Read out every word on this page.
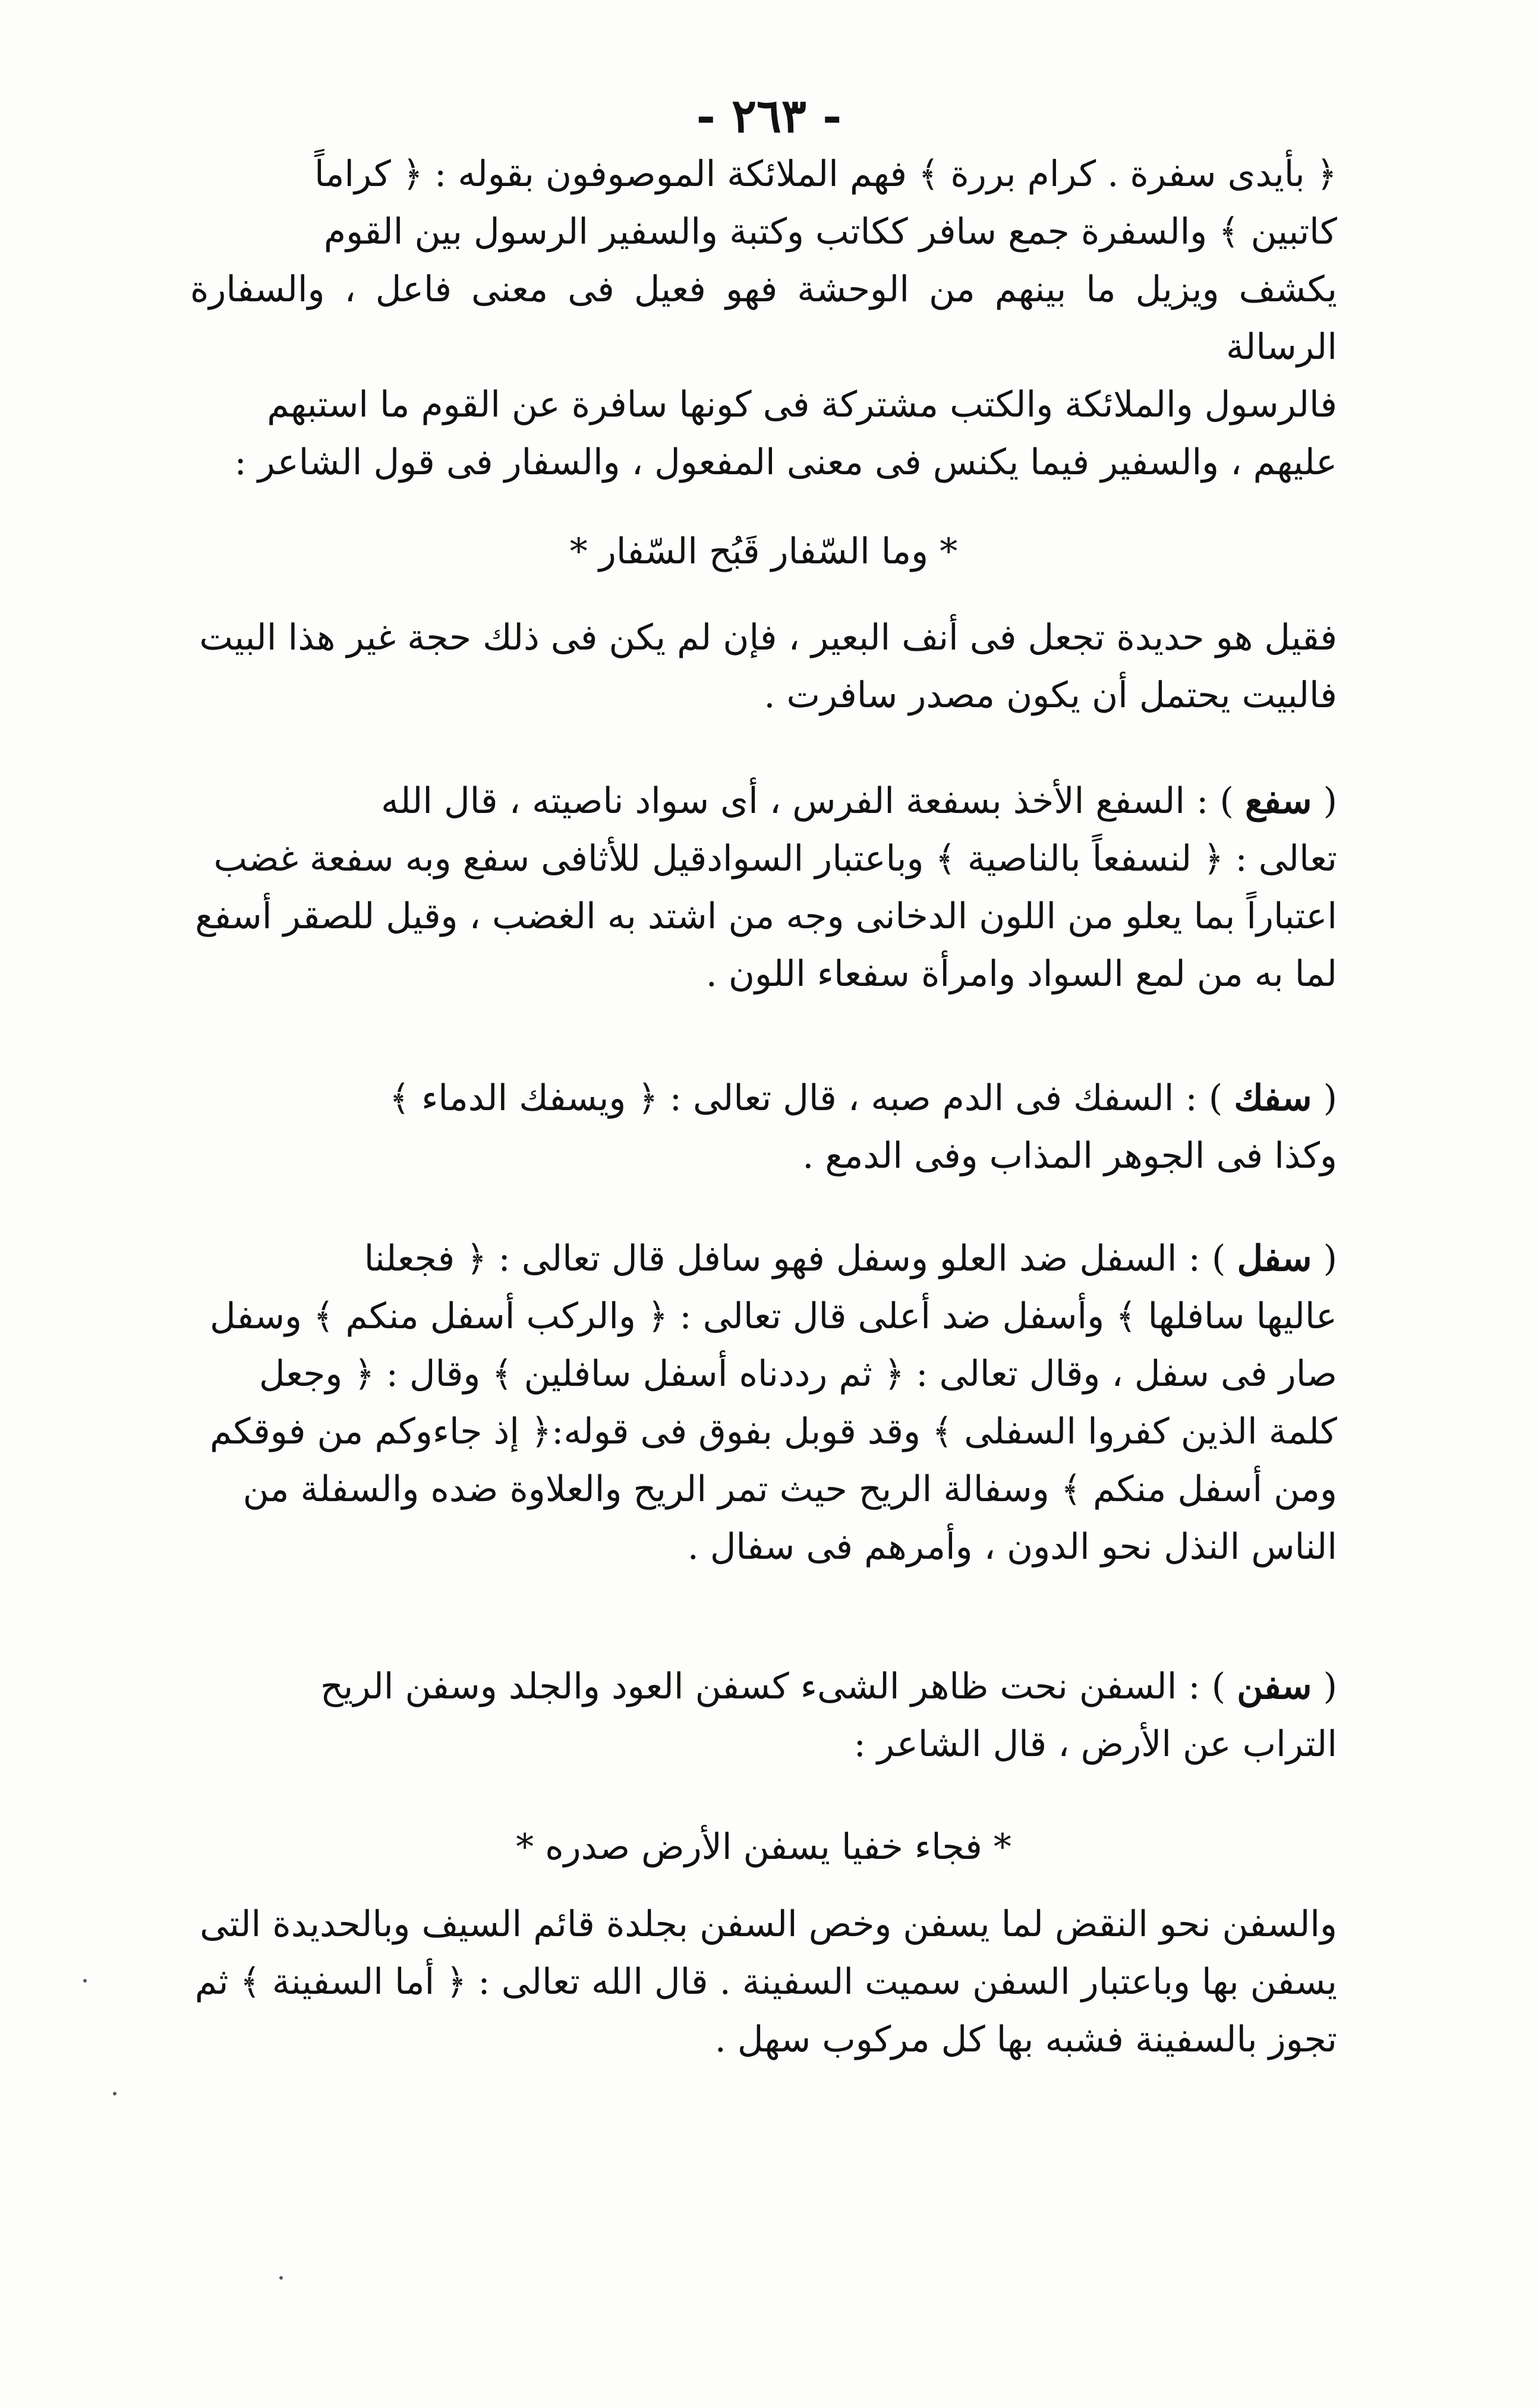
- ٢٦٣ -
﴿ بأيدى سفرة . كرام بررة ﴾ فهم الملائكة الموصوفون بقوله : ﴿ كراماً
كاتبين ﴾ والسفرة جمع سافر ككاتب وكتبة والسفير الرسول بين القوم
يكشف ويزيل ما بينهم من الوحشة فهو فعيل فى معنى فاعل ، والسفارة الرسالة
فالرسول والملائكة والكتب مشتركة فى كونها سافرة عن القوم ما استبهم
عليهم ، والسفير فيما يكنس فى معنى المفعول ، والسفار فى قول الشاعر :
* وما السّفار قَبُح السّفار *
فقيل هو حديدة تجعل فى أنف البعير ، فإن لم يكن فى ذلك حجة غير هذا البيت
فالبيت يحتمل أن يكون مصدر سافرت .
( سفع ) : السفع الأخذ بسفعة الفرس ، أى سواد ناصيته ، قال الله
تعالى : ﴿ لنسفعاً بالناصية ﴾ وباعتبار السوادقيل للأثافى سفع وبه سفعة غضب
اعتباراً بما يعلو من اللون الدخانى وجه من اشتد به الغضب ، وقيل للصقر أسفع
لما به من لمع السواد وامرأة سفعاء اللون .
( سفك ) : السفك فى الدم صبه ، قال تعالى : ﴿ ويسفك الدماء ﴾
وكذا فى الجوهر المذاب وفى الدمع .
( سفل ) : السفل ضد العلو وسفل فهو سافل قال تعالى : ﴿ فجعلنا
عاليها سافلها ﴾ وأسفل ضد أعلى قال تعالى : ﴿ والركب أسفل منكم ﴾ وسفل
صار فى سفل ، وقال تعالى : ﴿ ثم رددناه أسفل سافلين ﴾ وقال : ﴿ وجعل
كلمة الذين كفروا السفلى ﴾ وقد قوبل بفوق فى قوله:﴿ إذ جاءوكم من فوقكم
ومن أسفل منكم ﴾ وسفالة الريح حيث تمر الريح والعلاوة ضده والسفلة من
الناس النذل نحو الدون ، وأمرهم فى سفال .
( سفن ) : السفن نحت ظاهر الشىء كسفن العود والجلد وسفن الريح
التراب عن الأرض ، قال الشاعر :
* فجاء خفيا يسفن الأرض صدره *
والسفن نحو النقض لما يسفن وخص السفن بجلدة قائم السيف وبالحديدة التى
يسفن بها وباعتبار السفن سميت السفينة . قال الله تعالى : ﴿ أما السفينة ﴾ ثم
تجوز بالسفينة فشبه بها كل مركوب سهل .
